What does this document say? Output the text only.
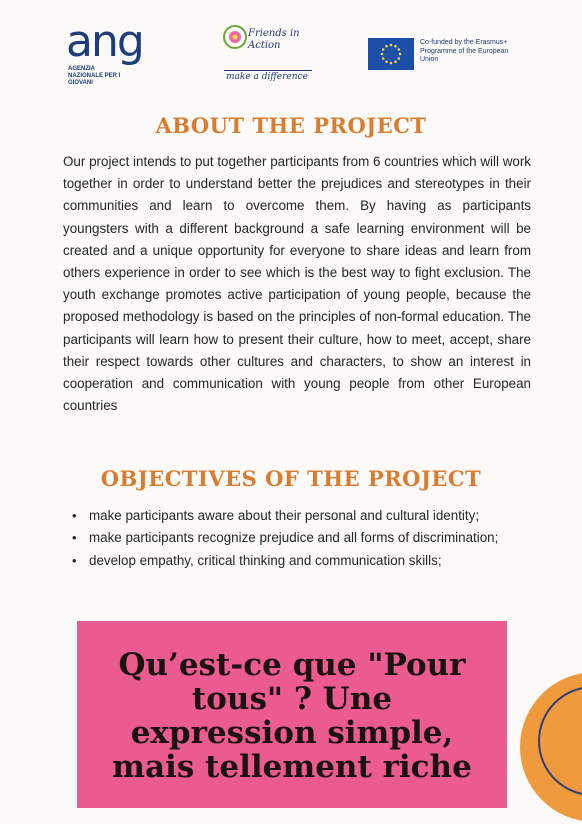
ang
AGENZIA NAZIONALE PER I GIOVANI
Friends in Action
make a difference
Co-funded by the Erasmus+ Programme of the European Union
ABOUT THE PROJECT

Our project intends to put together participants from 6 countries which will work together in order to understand better the prejudices and stereotypes in their communities and learn to overcome them. By having as participants youngsters with a different background a safe learning environment will be created and a unique opportunity for everyone to share ideas and learn from others experience in order to see which is the best way to fight exclusion. The youth exchange promotes active participation of young people, because the proposed methodology is based on the principles of non-formal education. The participants will learn how to present their culture, how to meet, accept, share their respect towards other cultures and characters, to show an interest in cooperation and communication with young people from other European countries

OBJECTIVES OF THE PROJECT
• make participants aware about their personal and cultural identity;
• make participants recognize prejudice and all forms of discrimination;
• develop empathy, critical thinking and communication skills;
Qu’est-ce que "Pour tous" ? Une expression simple, mais tellement riche
